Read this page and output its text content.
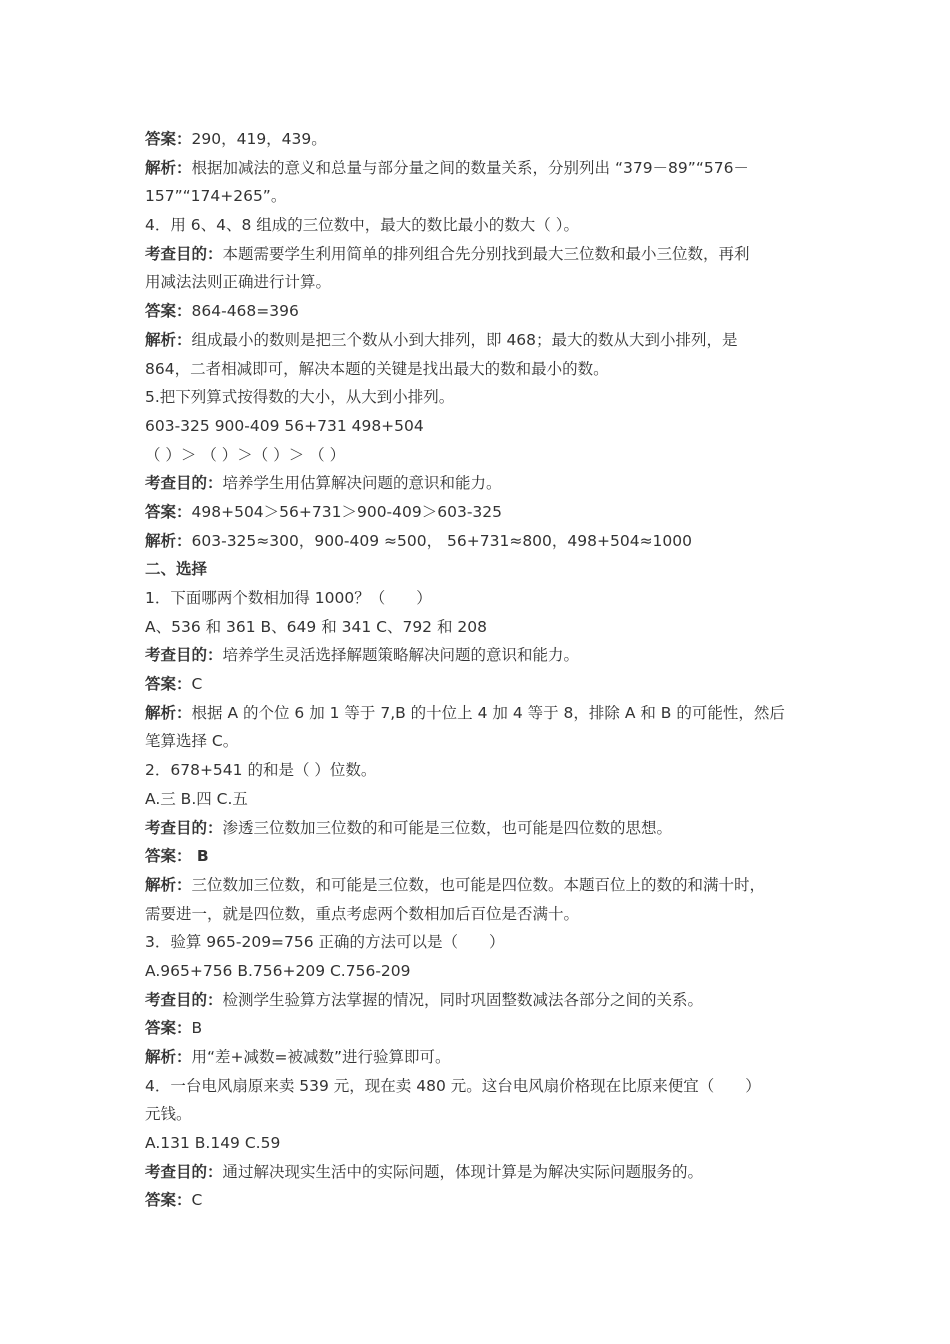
答案：290，419，439。
解析：根据加减法的意义和总量与部分量之间的数量关系，分别列出 “379－89”“576－
157”“174+265”。
4．用 6、4、8 组成的三位数中，最大的数比最小的数大（ ）。
考查目的：本题需要学生利用简单的排列组合先分别找到最大三位数和最小三位数，再利
用减法法则正确进行计算。
答案：864-468=396
解析：组成最小的数则是把三个数从小到大排列，即 468；最大的数从大到小排列，是
864，二者相减即可，解决本题的关键是找出最大的数和最小的数。
5.把下列算式按得数的大小，从大到小排列。
603-325 900-409 56+731 498+504
（ ）＞ （ ）＞（ ）＞ （ ）
考查目的：培养学生用估算解决问题的意识和能力。
答案：498+504＞56+731＞900-409＞603-325
解析：603-325≈300，900-409 ≈500， 56+731≈800，498+504≈1000
二、选择
1．下面哪两个数相加得 1000？（　　）
A、536 和 361 B、649 和 341 C、792 和 208
考查目的：培养学生灵活选择解题策略解决问题的意识和能力。
答案：C
解析：根据 A 的个位 6 加 1 等于 7,B 的十位上 4 加 4 等于 8，排除 A 和 B 的可能性，然后
笔算选择 C。
2．678+541 的和是（ ）位数。
A.三 B.四 C.五
考查目的：渗透三位数加三位数的和可能是三位数，也可能是四位数的思想。
答案： B
解析：三位数加三位数，和可能是三位数，也可能是四位数。本题百位上的数的和满十时，
需要进一，就是四位数，重点考虑两个数相加后百位是否满十。
3．验算 965-209=756 正确的方法可以是（　　）
A.965+756 B.756+209 C.756-209
考查目的：检测学生验算方法掌握的情况，同时巩固整数减法各部分之间的关系。
答案：B
解析：用“差+减数=被减数”进行验算即可。
4．一台电风扇原来卖 539 元，现在卖 480 元。这台电风扇价格现在比原来便宜（　　）
元钱。
A.131 B.149 C.59
考查目的：通过解决现实生活中的实际问题，体现计算是为解决实际问题服务的。
答案：C
